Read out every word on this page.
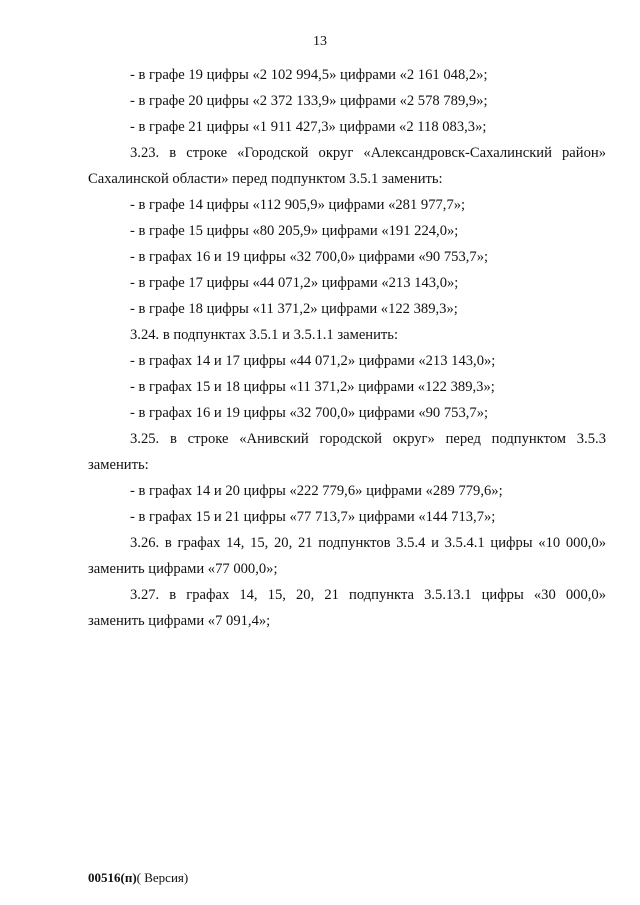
13
- в графе 19 цифры «2 102 994,5» цифрами «2 161 048,2»;
- в графе 20 цифры «2 372 133,9» цифрами «2 578 789,9»;
- в графе 21 цифры «1 911 427,3» цифрами «2 118 083,3»;
3.23. в строке «Городской округ «Александровск-Сахалинский район»
Сахалинской области» перед подпунктом 3.5.1 заменить:
- в графе 14 цифры «112 905,9» цифрами «281 977,7»;
- в графе 15 цифры «80 205,9» цифрами «191 224,0»;
- в графах 16 и 19 цифры «32 700,0» цифрами «90 753,7»;
- в графе 17 цифры «44 071,2» цифрами «213 143,0»;
- в графе 18 цифры «11 371,2» цифрами «122 389,3»;
3.24. в подпунктах 3.5.1 и 3.5.1.1 заменить:
- в графах 14 и 17 цифры «44 071,2» цифрами «213 143,0»;
- в графах 15 и 18 цифры «11 371,2» цифрами «122 389,3»;
- в графах 16 и 19 цифры «32 700,0» цифрами «90 753,7»;
3.25. в строке «Анивский городской округ» перед подпунктом 3.5.3
заменить:
- в графах 14 и 20 цифры «222 779,6» цифрами «289 779,6»;
- в графах 15 и 21 цифры «77 713,7» цифрами «144 713,7»;
3.26. в графах 14, 15, 20, 21 подпунктов 3.5.4 и 3.5.4.1 цифры «10 000,0»
заменить цифрами «77 000,0»;
3.27. в графах 14, 15, 20, 21 подпункта 3.5.13.1 цифры «30 000,0»
заменить цифрами «7 091,4»;
00516(п)( Версия)
